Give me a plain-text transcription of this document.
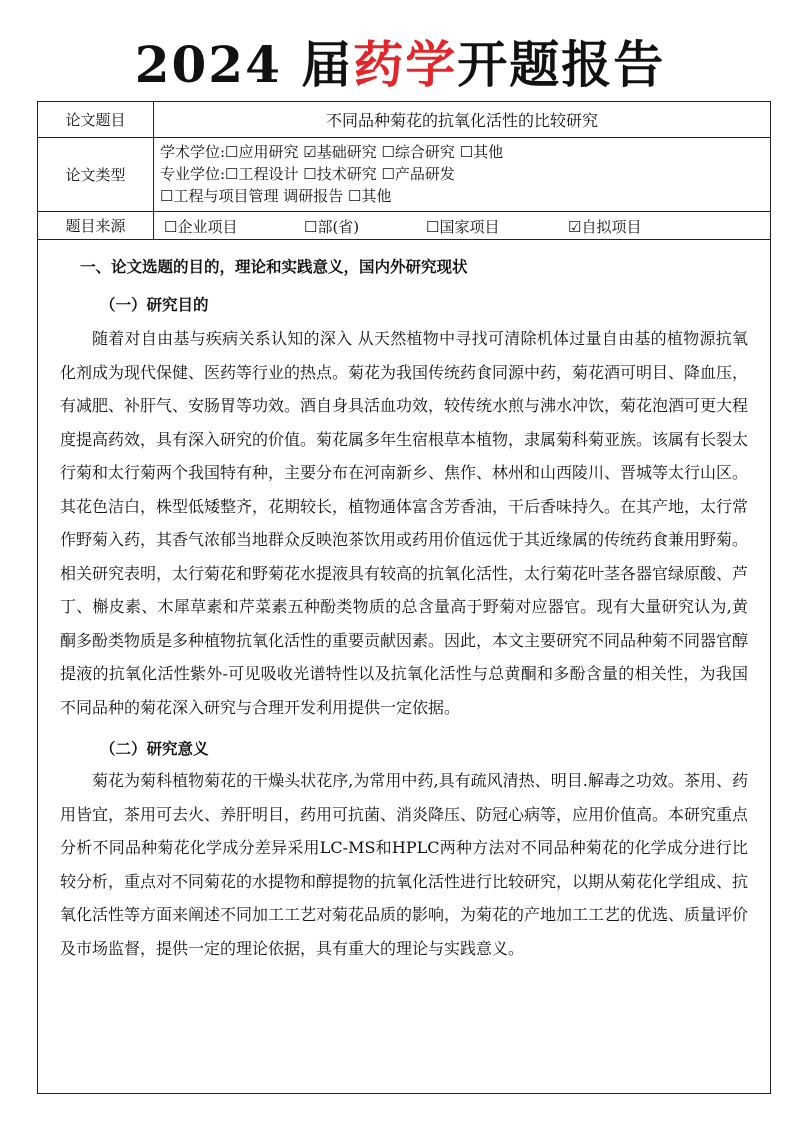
2024 届药学开题报告
论文题目	不同品种菊花的抗氧化活性的比较研究
论文类型
学术学位:☐应用研究 ☑基础研究 ☐综合研究 ☐其他
专业学位:☐工程设计 ☐技术研究 ☐产品研发
☐工程与项目管理 调研报告 ☐其他
题目来源	☐企业项目	☐部(省)	☐国家项目	☑自拟项目
一、论文选题的目的，理论和实践意义，国内外研究现状
（一）研究目的

随着对自由基与疾病关系认知的深入 从天然植物中寻找可清除机体过量自由基的植物源抗氧化剂成为现代保健、医药等行业的热点。菊花为我国传统药食同源中药，菊花酒可明目、降血压，有减肥、补肝气、安肠胃等功效。酒自身具活血功效，较传统水煎与沸水冲饮，菊花泡酒可更大程度提高药效，具有深入研究的价值。菊花属多年生宿根草本植物，隶属菊科菊亚族。该属有长裂太行菊和太行菊两个我国特有种，主要分布在河南新乡、焦作、林州和山西陵川、晋城等太行山区。其花色洁白，株型低矮整齐，花期较长，植物通体富含芳香油，干后香味持久。在其产地，太行常作野菊入药，其香气浓郁当地群众反映泡茶饮用或药用价值远优于其近缘属的传统药食兼用野菊。相关研究表明，太行菊花和野菊花水提液具有较高的抗氧化活性，太行菊花叶茎各器官绿原酸、芦丁、槲皮素、木犀草素和芹菜素五种酚类物质的总含量高于野菊对应器官。现有大量研究认为,黄酮多酚类物质是多种植物抗氧化活性的重要贡献因素。因此，本文主要研究不同品种菊不同器官醇提液的抗氧化活性紫外-可见吸收光谱特性以及抗氧化活性与总黄酮和多酚含量的相关性，为我国不同品种的菊花深入研究与合理开发利用提供一定依据。

（二）研究意义

菊花为菊科植物菊花的干燥头状花序,为常用中药,具有疏风清热、明目.解毒之功效。茶用、药用皆宜，茶用可去火、养肝明目，药用可抗菌、消炎降压、防冠心病等，应用价值高。本研究重点分析不同品种菊花化学成分差异采用LC-MS和HPLC两种方法对不同品种菊花的化学成分进行比较分析，重点对不同菊花的水提物和醇提物的抗氧化活性进行比较研究，以期从菊花化学组成、抗氧化活性等方面来阐述不同加工工艺对菊花品质的影响，为菊花的产地加工工艺的优选、质量评价及市场监督，提供一定的理论依据，具有重大的理论与实践意义。
